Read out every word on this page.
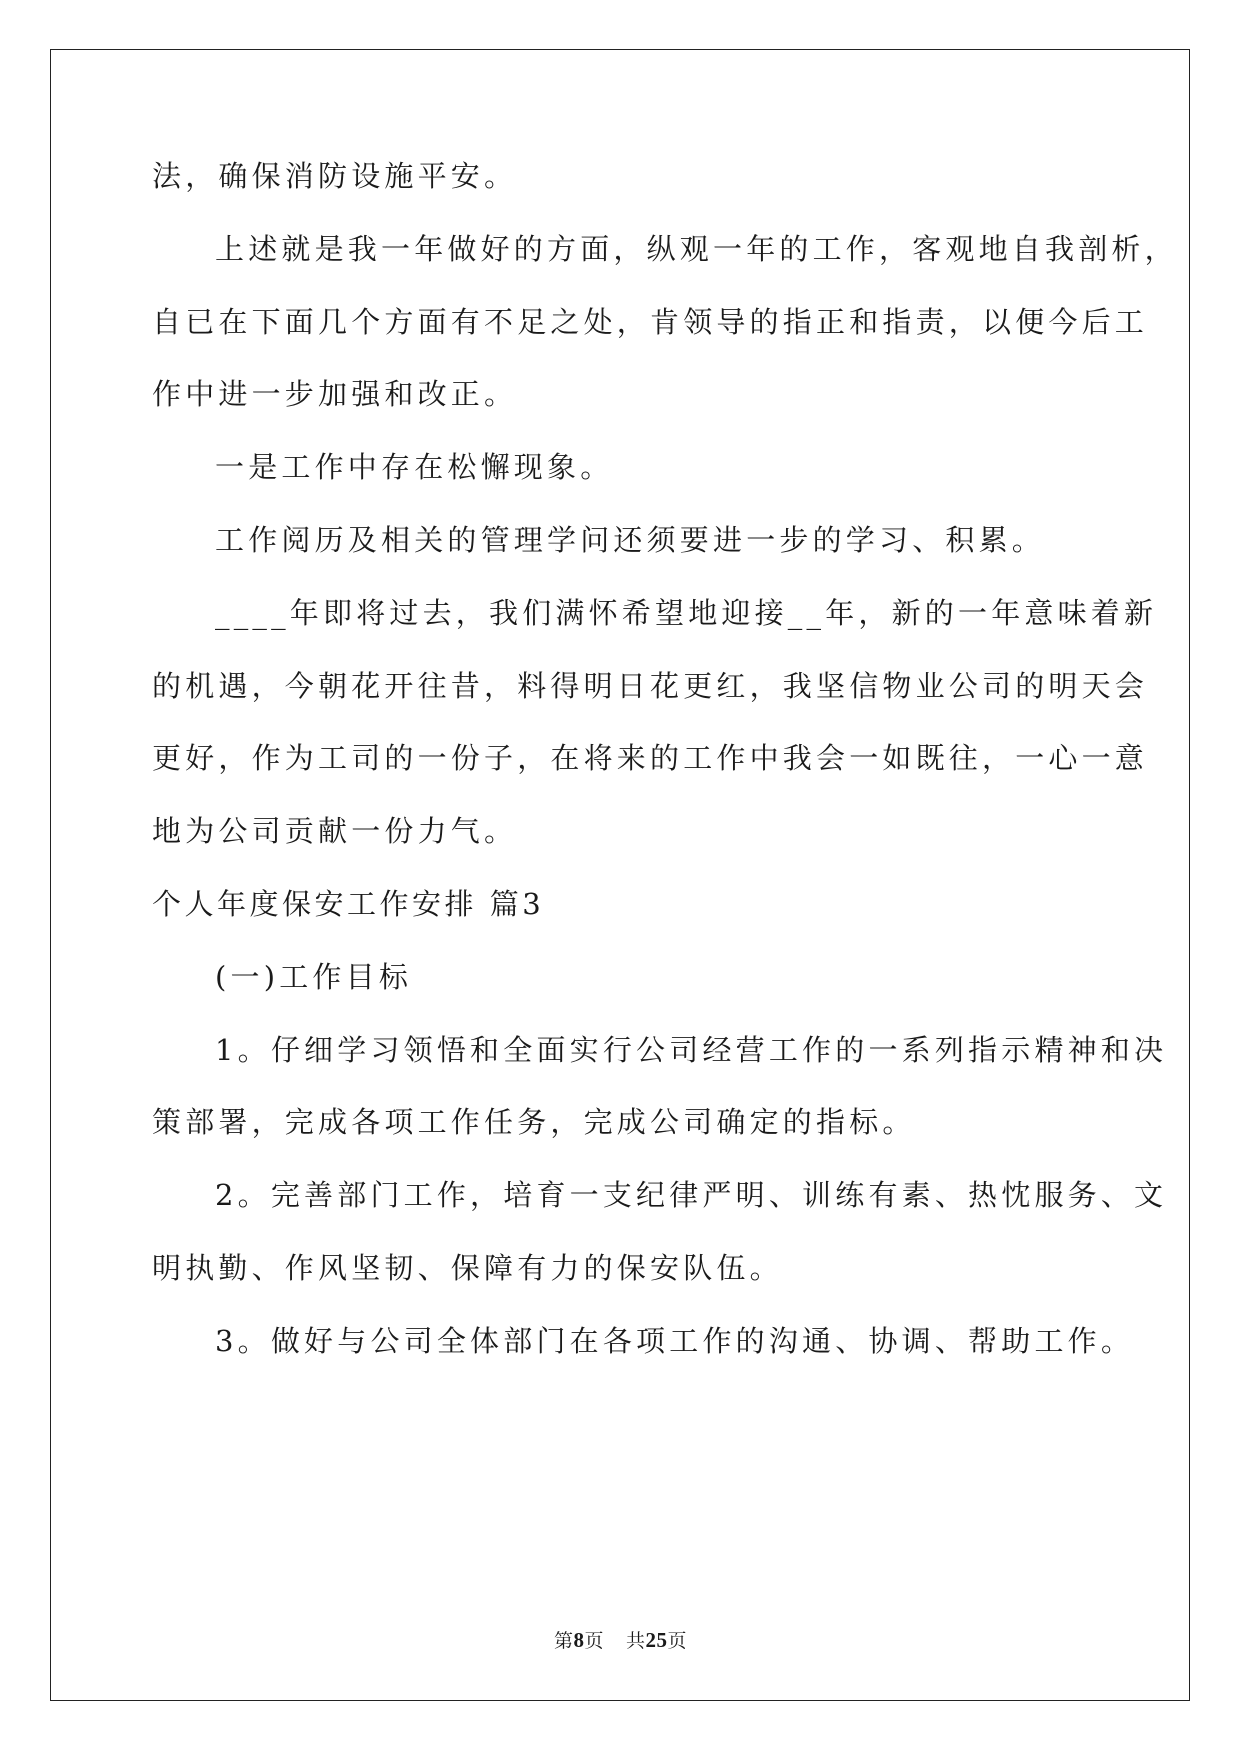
法，确保消防设施平安。

上述就是我一年做好的方面，纵观一年的工作，客观地自我剖析，

自已在下面几个方面有不足之处，肯领导的指正和指责，以便今后工

作中进一步加强和改正。

一是工作中存在松懈现象。

工作阅历及相关的管理学问还须要进一步的学习、积累。

____年即将过去，我们满怀希望地迎接__年，新的一年意味着新

的机遇，今朝花开往昔，料得明日花更红，我坚信物业公司的明天会

更好，作为工司的一份子，在将来的工作中我会一如既往，一心一意

地为公司贡献一份力气。

个人年度保安工作安排 篇3

(一)工作目标

1。仔细学习领悟和全面实行公司经营工作的一系列指示精神和决

策部署，完成各项工作任务，完成公司确定的指标。

2。完善部门工作，培育一支纪律严明、训练有素、热忱服务、文

明执勤、作风坚韧、保障有力的保安队伍。

3。做好与公司全体部门在各项工作的沟通、协调、帮助工作。

第8页 共25页
